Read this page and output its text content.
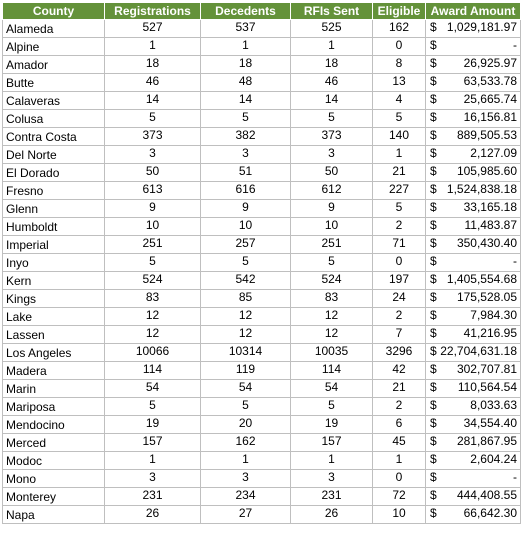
County	Registrations	Decedents	RFIs Sent	Eligible	Award Amount
Alameda	527	537	525	162	$ 1,029,181.97

Alpine	1	1	1	0	$ -

Amador	18	18	18	8	$ 26,925.97

Butte	46	48	46	13	$ 63,533.78

Calaveras	14	14	14	4	$ 25,665.74

Colusa	5	5	5	5	$ 16,156.81

Contra Costa	373	382	373	140	$ 889,505.53

Del Norte	3	3	3	1	$ 2,127.09

El Dorado	50	51	50	21	$ 105,985.60

Fresno	613	616	612	227	$ 1,524,838.18

Glenn	9	9	9	5	$ 33,165.18

Humboldt	10	10	10	2	$ 11,483.87

Imperial	251	257	251	71	$ 350,430.40

Inyo	5	5	5	0	$ -

Kern	524	542	524	197	$ 1,405,554.68

Kings	83	85	83	24	$ 175,528.05

Lake	12	12	12	2	$ 7,984.30

Lassen	12	12	12	7	$ 41,216.95

Los Angeles	10066	10314	10035	3296	$ 22,704,631.18

Madera	114	119	114	42	$ 302,707.81

Marin	54	54	54	21	$ 110,564.54

Mariposa	5	5	5	2	$ 8,033.63

Mendocino	19	20	19	6	$ 34,554.40

Merced	157	162	157	45	$ 281,867.95

Modoc	1	1	1	1	$ 2,604.24

Mono	3	3	3	0	$ -

Monterey	231	234	231	72	$ 444,408.55

Napa	26	27	26	10	$ 66,642.30
